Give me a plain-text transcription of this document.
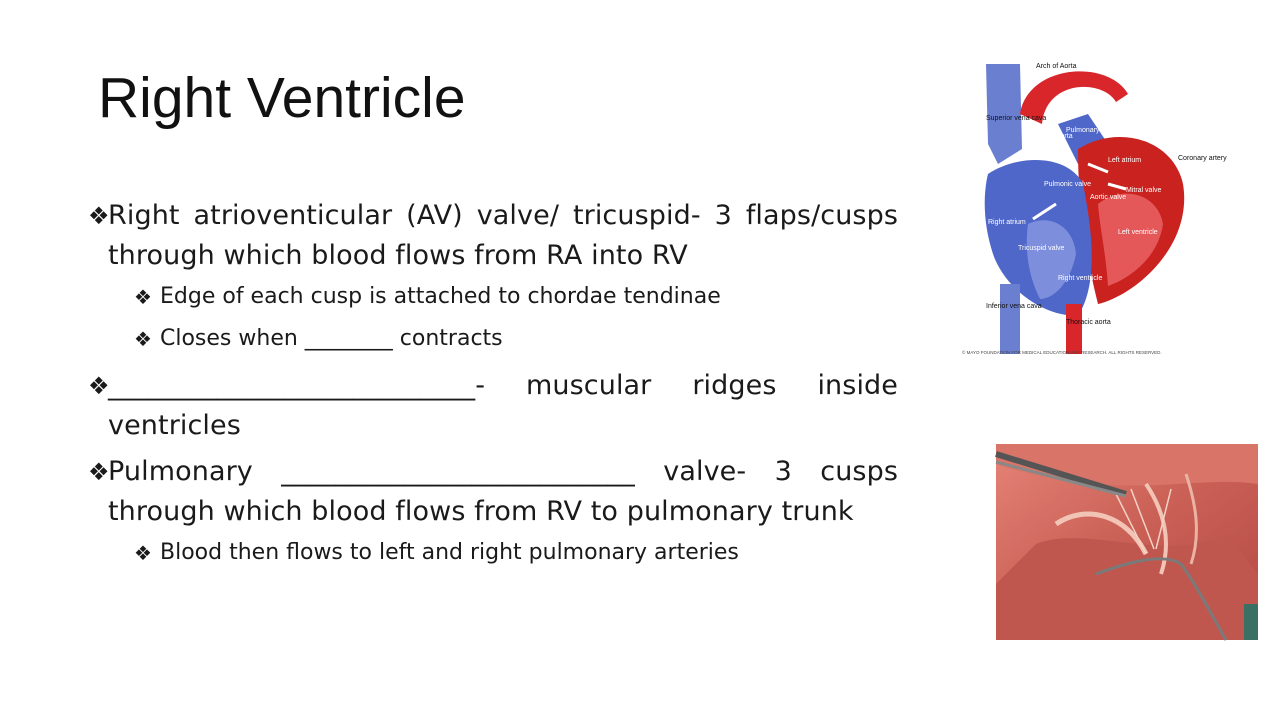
Right Ventricle
❖
Right atrioventicular (AV) valve/ tricuspid- 3 flaps/cusps through which blood flows from RA into RV
❖ Edge of each cusp is attached to chordae tendinae
❖ Closes when ________ contracts
❖
___________________________- muscular ridges inside ventricles
❖
Pulmonary __________________________ valve- 3 cusps through which blood flows from RV to pulmonary trunk
❖ Blood then flows to left and right pulmonary arteries
Arch of Aorta
Superior vena cava
Ascending aorta
Pulmonary artery
Left atrium	Coronary artery
Pulmonic valve
Aortic valve
Mitral valve
Right atrium
Left ventricle
Tricuspid valve
Right ventricle
Inferior vena cava
Thoracic aorta
© MAYO FOUNDATION FOR MEDICAL EDUCATION AND RESEARCH. ALL RIGHTS RESERVED.
